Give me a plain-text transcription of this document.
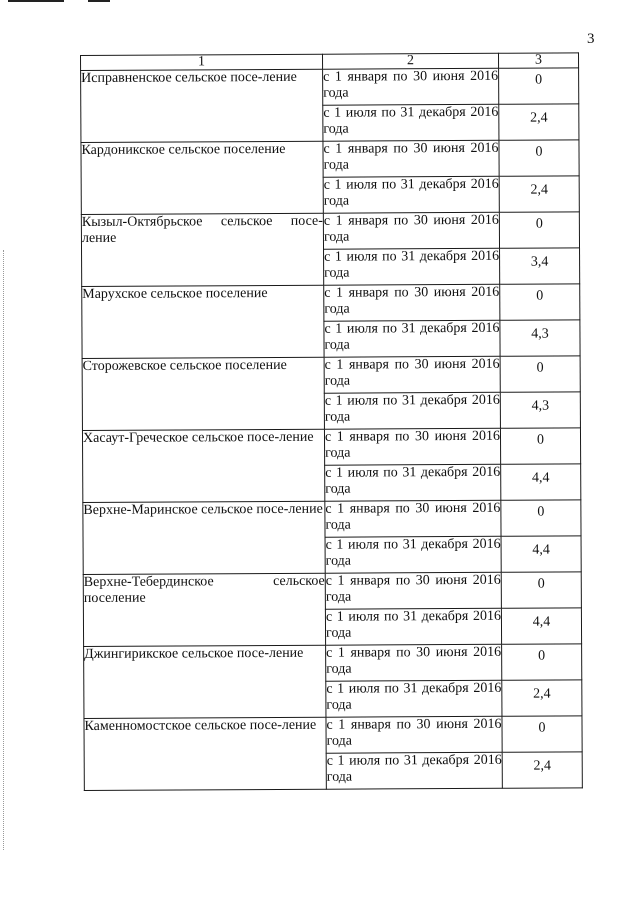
3
1	2	3
Исправненское сельское посе-ление	с 1 января по 30 июня 2016 года	0
	с 1 июля по 31 декабря 2016 года	2,4
Кардоникское сельское поселение	с 1 января по 30 июня 2016 года	0
	с 1 июля по 31 декабря 2016 года	2,4
Кызыл-Октябрьское сельское посе-ление	с 1 января по 30 июня 2016 года	0
	с 1 июля по 31 декабря 2016 года	3,4
Марухское сельское поселение	с 1 января по 30 июня 2016 года	0
	с 1 июля по 31 декабря 2016 года	4,3
Сторожевское сельское поселение	с 1 января по 30 июня 2016 года	0
	с 1 июля по 31 декабря 2016 года	4,3
Хасаут-Греческое сельское посе-ление	с 1 января по 30 июня 2016 года	0
	с 1 июля по 31 декабря 2016 года	4,4
Верхне-Маринское сельское посе-ление	с 1 января по 30 июня 2016 года	0
	с 1 июля по 31 декабря 2016 года	4,4
Верхне-Тебердинское сельское поселение	с 1 января по 30 июня 2016 года	0
	с 1 июля по 31 декабря 2016 года	4,4
Джингирикское сельское посе-ление	с 1 января по 30 июня 2016 года	0
	с 1 июля по 31 декабря 2016 года	2,4
Каменномостское сельское посе-ление	с 1 января по 30 июня 2016 года	0
	с 1 июля по 31 декабря 2016 года	2,4
